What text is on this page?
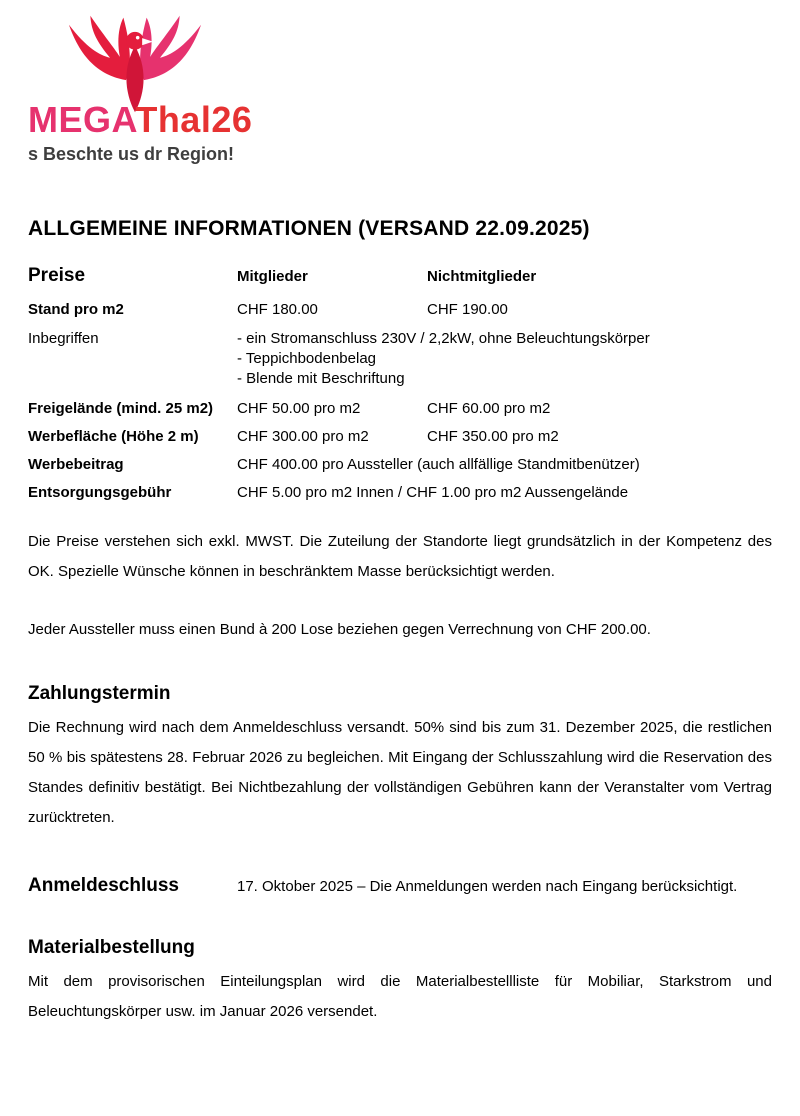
MEGAThal26
s Beschte us dr Region!
ALLGEMEINE INFORMATIONEN (VERSAND 22.09.2025)
Preise	Mitglieder	Nichtmitglieder
Stand pro m2	CHF 180.00	CHF 190.00
Inbegriffen	- ein Stromanschluss 230V / 2,2kW, ohne Beleuchtungskörper
- Teppichbodenbelag
- Blende mit Beschriftung
Freigelände (mind. 25 m2)	CHF 50.00 pro m2	CHF 60.00 pro m2
Werbefläche (Höhe 2 m)	CHF 300.00 pro m2	CHF 350.00 pro m2
Werbebeitrag	CHF 400.00 pro Aussteller (auch allfällige Standmitbenützer)
Entsorgungsgebühr	CHF 5.00 pro m2 Innen / CHF 1.00 pro m2 Aussengelände

Die Preise verstehen sich exkl. MWST. Die Zuteilung der Standorte liegt grundsätzlich in der Kompetenz des OK. Spezielle Wünsche können in beschränktem Masse berücksichtigt werden.

Jeder Aussteller muss einen Bund à 200 Lose beziehen gegen Verrechnung von CHF 200.00.

Zahlungstermin

Die Rechnung wird nach dem Anmeldeschluss versandt. 50% sind bis zum 31. Dezember 2025, die restlichen 50 % bis spätestens 28. Februar 2026 zu begleichen. Mit Eingang der Schlusszahlung wird die Reservation des Standes definitiv bestätigt. Bei Nichtbezahlung der vollständigen Gebühren kann der Veranstalter vom Vertrag zurücktreten.

Anmeldeschluss	17. Oktober 2025 – Die Anmeldungen werden nach Eingang berücksichtigt.
Materialbestellung

Mit dem provisorischen Einteilungsplan wird die Materialbestellliste für Mobiliar, Starkstrom und Beleuchtungskörper usw. im Januar 2026 versendet.
